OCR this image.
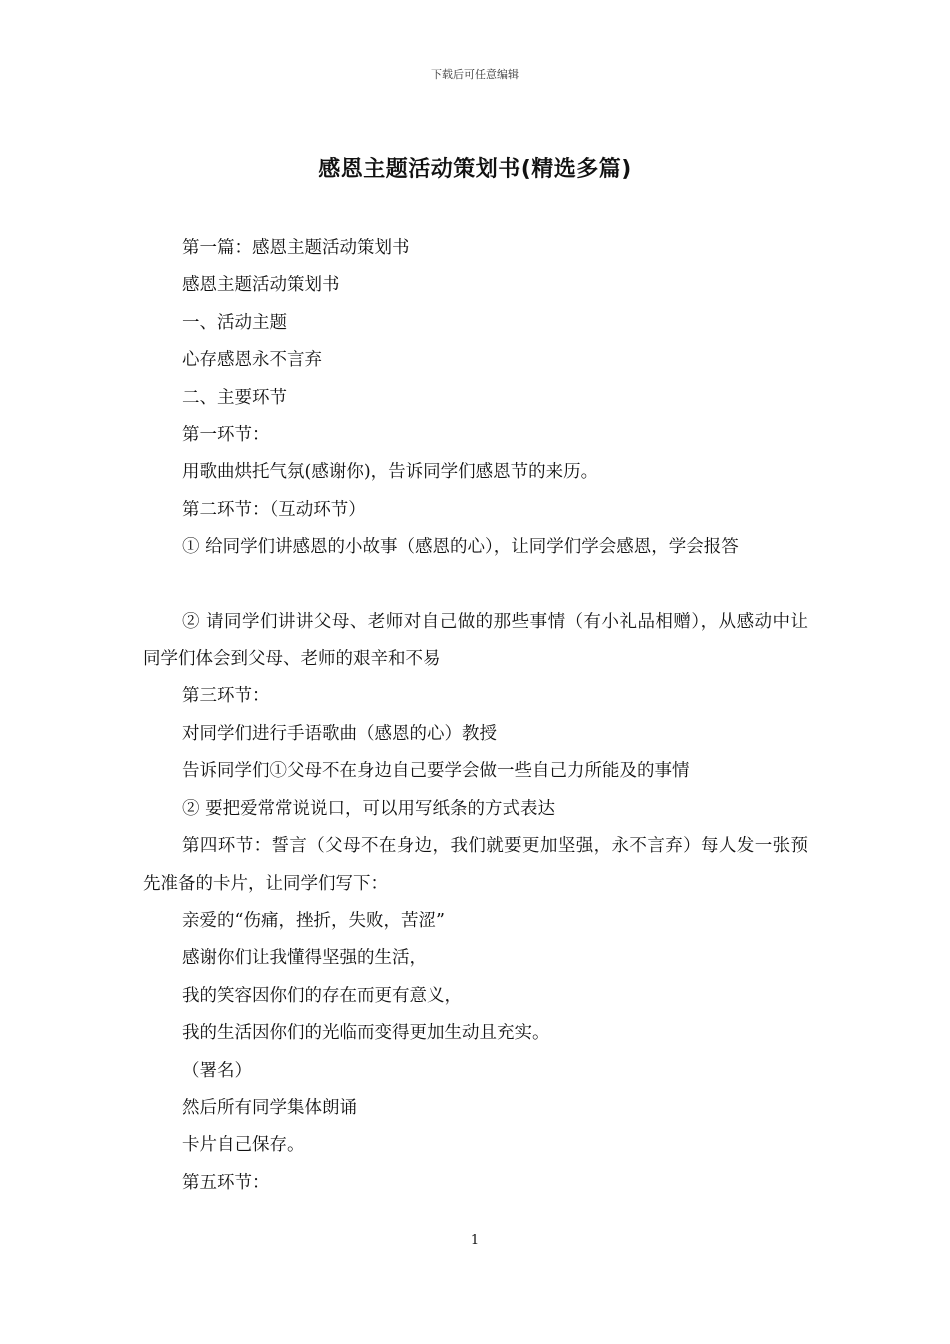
下载后可任意编辑
感恩主题活动策划书(精选多篇)

第一篇：感恩主题活动策划书

感恩主题活动策划书

一、活动主题

心存感恩永不言弃

二、主要环节

第一环节：

用歌曲烘托气氛(感谢你)，告诉同学们感恩节的来历。

第二环节：（互动环节）

① 给同学们讲感恩的小故事（感恩的心），让同学们学会感恩，学会报答

② 请同学们讲讲父母、老师对自己做的那些事情（有小礼品相赠），从感动中让同学们体会到父母、老师的艰辛和不易

第三环节：

对同学们进行手语歌曲（感恩的心）教授

告诉同学们①父母不在身边自己要学会做一些自己力所能及的事情

② 要把爱常常说说口，可以用写纸条的方式表达

第四环节：誓言（父母不在身边，我们就要更加坚强，永不言弃）每人发一张预先准备的卡片，让同学们写下：

亲爱的“伤痛，挫折，失败，苦涩”

感谢你们让我懂得坚强的生活，

我的笑容因你们的存在而更有意义，

我的生活因你们的光临而变得更加生动且充实。

（署名）

然后所有同学集体朗诵

卡片自己保存。

第五环节：

1
